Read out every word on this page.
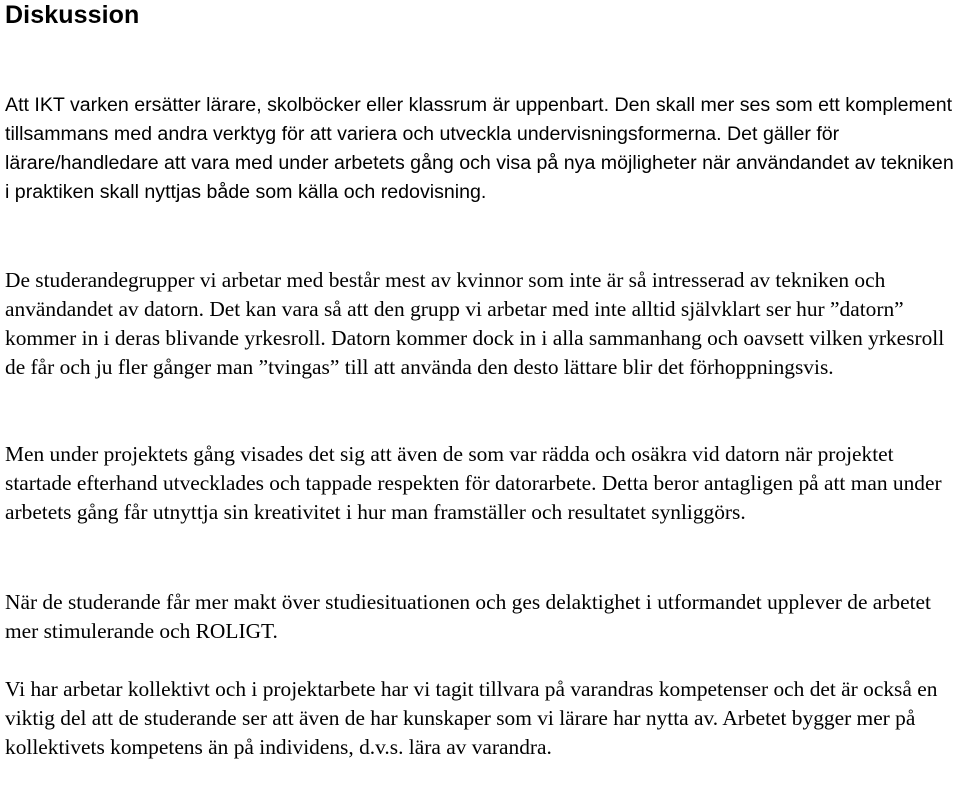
Diskussion

Att IKT varken ersätter lärare, skolböcker eller klassrum är uppenbart. Den skall mer ses som ett komplement tillsammans med andra verktyg för att variera och utveckla undervisningsformerna. Det gäller för lärare/handledare att vara med under arbetets gång och visa på nya möjligheter när användandet av tekniken i praktiken skall nyttjas både som källa och redovisning.

De studerandegrupper vi arbetar med består mest av kvinnor som inte är så intresserad av tekniken och användandet av datorn. Det kan vara så att den grupp vi arbetar med inte alltid självklart ser hur ”datorn” kommer in i deras blivande yrkesroll. Datorn kommer dock in i alla sammanhang och oavsett vilken yrkesroll de får och ju fler gånger man ”tvingas” till att använda den desto lättare blir det förhoppningsvis.

Men under projektets gång visades det sig att även de som var rädda och osäkra vid datorn när projektet startade efterhand utvecklades och tappade respekten för datorarbete. Detta beror antagligen på att man under arbetets gång får utnyttja sin kreativitet i hur man framställer och resultatet synliggörs.

När de studerande får mer makt över studiesituationen och ges delaktighet i utformandet upplever de arbetet mer stimulerande och ROLIGT.

Vi har arbetar kollektivt och i projektarbete har vi tagit tillvara på varandras kompetenser och det är också en viktig del att de studerande ser att även de har kunskaper som vi lärare har nytta av. Arbetet bygger mer på kollektivets kompetens än på individens, d.v.s. lära av varandra.
